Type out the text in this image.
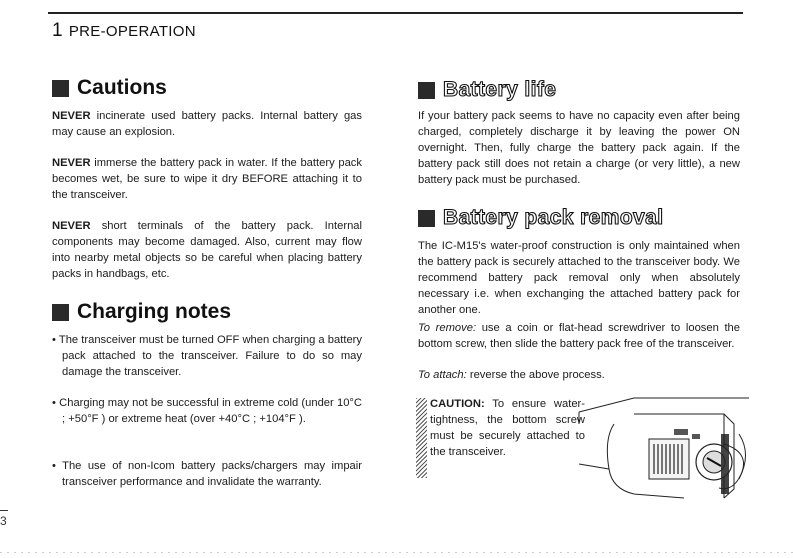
1 PRE-OPERATION
Cautions
NEVER incinerate used battery packs. Internal battery gas may cause an explosion.
NEVER immerse the battery pack in water. If the battery pack becomes wet, be sure to wipe it dry BEFORE attaching it to the transceiver.
NEVER short terminals of the battery pack. Internal components may become damaged. Also, current may flow into nearby metal objects so be careful when placing battery packs in handbags, etc.
Charging notes
• The transceiver must be turned OFF when charging a battery pack attached to the transceiver. Failure to do so may damage the transceiver.
• Charging may not be successful in extreme cold (under 10°C ; +50°F ) or extreme heat (over +40°C ; +104°F ).
• The use of non-Icom battery packs/chargers may impair transceiver performance and invalidate the warranty.
Battery life
If your battery pack seems to have no capacity even after being charged, completely discharge it by leaving the power ON overnight. Then, fully charge the battery pack again. If the battery pack still does not retain a charge (or very little), a new battery pack must be purchased.
Battery pack removal
The IC-M15's water-proof construction is only maintained when the battery pack is securely attached to the transceiver body. We recommend battery pack removal only when absolutely necessary i.e. when exchanging the attached battery pack for another one.
To remove: use a coin or flat-head screwdriver to loosen the bottom screw, then slide the battery pack free of the transceiver.
To attach: reverse the above process.
CAUTION: To ensure water-tightness, the bottom screw must be securely attached to the transceiver.
3
